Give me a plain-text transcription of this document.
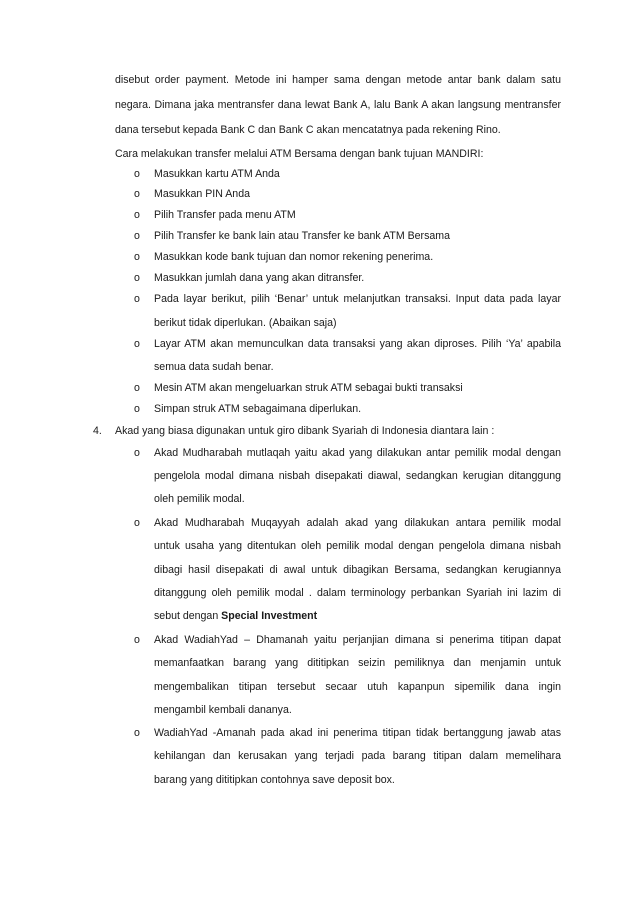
disebut order payment. Metode ini hamper sama dengan metode antar bank dalam satu
negara. Dimana jaka mentransfer dana lewat Bank A, lalu Bank A akan langsung mentransfer
dana tersebut kepada Bank C dan Bank C akan mencatatnya pada rekening Rino.
Cara melakukan transfer melalui ATM Bersama dengan bank tujuan MANDIRI:
o Masukkan kartu ATM Anda
o Masukkan PIN Anda
o Pilih Transfer pada menu ATM
o Pilih Transfer ke bank lain atau Transfer ke bank ATM Bersama
o Masukkan kode bank tujuan dan nomor rekening penerima.
o Masukkan jumlah dana yang akan ditransfer.
o Pada layar berikut, pilih ‘Benar’ untuk melanjutkan transaksi. Input data pada layar
berikut tidak diperlukan. (Abaikan saja)
o Layar ATM akan memunculkan data transaksi yang akan diproses. Pilih ‘Ya’ apabila
semua data sudah benar.
o Mesin ATM akan mengeluarkan struk ATM sebagai bukti transaksi
o Simpan struk ATM sebagaimana diperlukan.
4. Akad yang biasa digunakan untuk giro dibank Syariah di Indonesia diantara lain :
o Akad Mudharabah mutlaqah yaitu akad yang dilakukan antar pemilik modal dengan
pengelola modal dimana nisbah disepakati diawal, sedangkan kerugian ditanggung
oleh pemilik modal.
o Akad Mudharabah Muqayyah adalah akad yang dilakukan antara pemilik modal
untuk usaha yang ditentukan oleh pemilik modal dengan pengelola dimana nisbah
dibagi hasil disepakati di awal untuk dibagikan Bersama, sedangkan kerugiannya
ditanggung oleh pemilik modal . dalam terminology perbankan Syariah ini lazim di
sebut dengan Special Investment
o Akad WadiahYad – Dhamanah yaitu perjanjian dimana si penerima titipan dapat
memanfaatkan barang yang dititipkan seizin pemiliknya dan menjamin untuk
mengembalikan titipan tersebut secaar utuh kapanpun sipemilik dana ingin
mengambil kembali dananya.
o WadiahYad -Amanah pada akad ini penerima titipan tidak bertanggung jawab atas
kehilangan dan kerusakan yang terjadi pada barang titipan dalam memelihara
barang yang dititipkan contohnya save deposit box.
